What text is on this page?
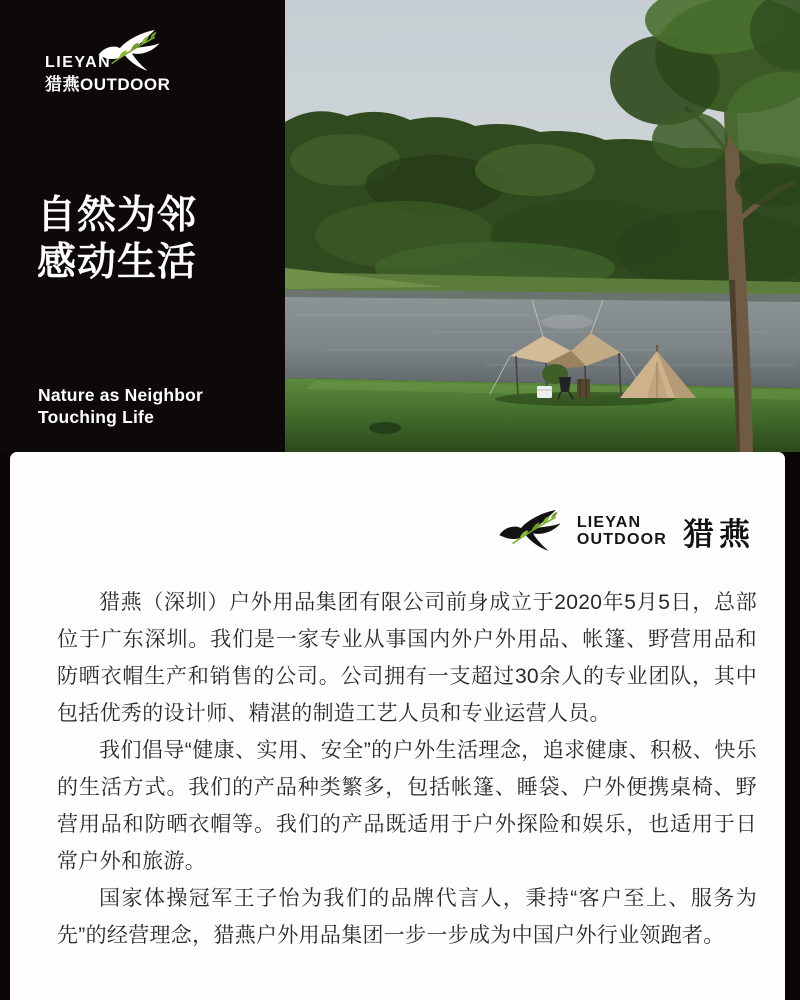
LIEYAN
猎燕OUTDOOR
自然为邻
感动生活
Nature as Neighbor
Touching Life
LIEYAN
OUTDOOR 猎燕

猎燕（深圳）户外用品集团有限公司前身成立于2020年5月5日，总部位于广东深圳。我们是一家专业从事国内外户外用品、帐篷、野营用品和防晒衣帽生产和销售的公司。公司拥有一支超过30余人的专业团队，其中包括优秀的设计师、精湛的制造工艺人员和专业运营人员。

我们倡导“健康、实用、安全”的户外生活理念，追求健康、积极、快乐的生活方式。我们的产品种类繁多，包括帐篷、睡袋、户外便携桌椅、野营用品和防晒衣帽等。我们的产品既适用于户外探险和娱乐，也适用于日常户外和旅游。

国家体操冠军王子怡为我们的品牌代言人，秉持“客户至上、服务为先”的经营理念，猎燕户外用品集团一步一步成为中国户外行业领跑者。
